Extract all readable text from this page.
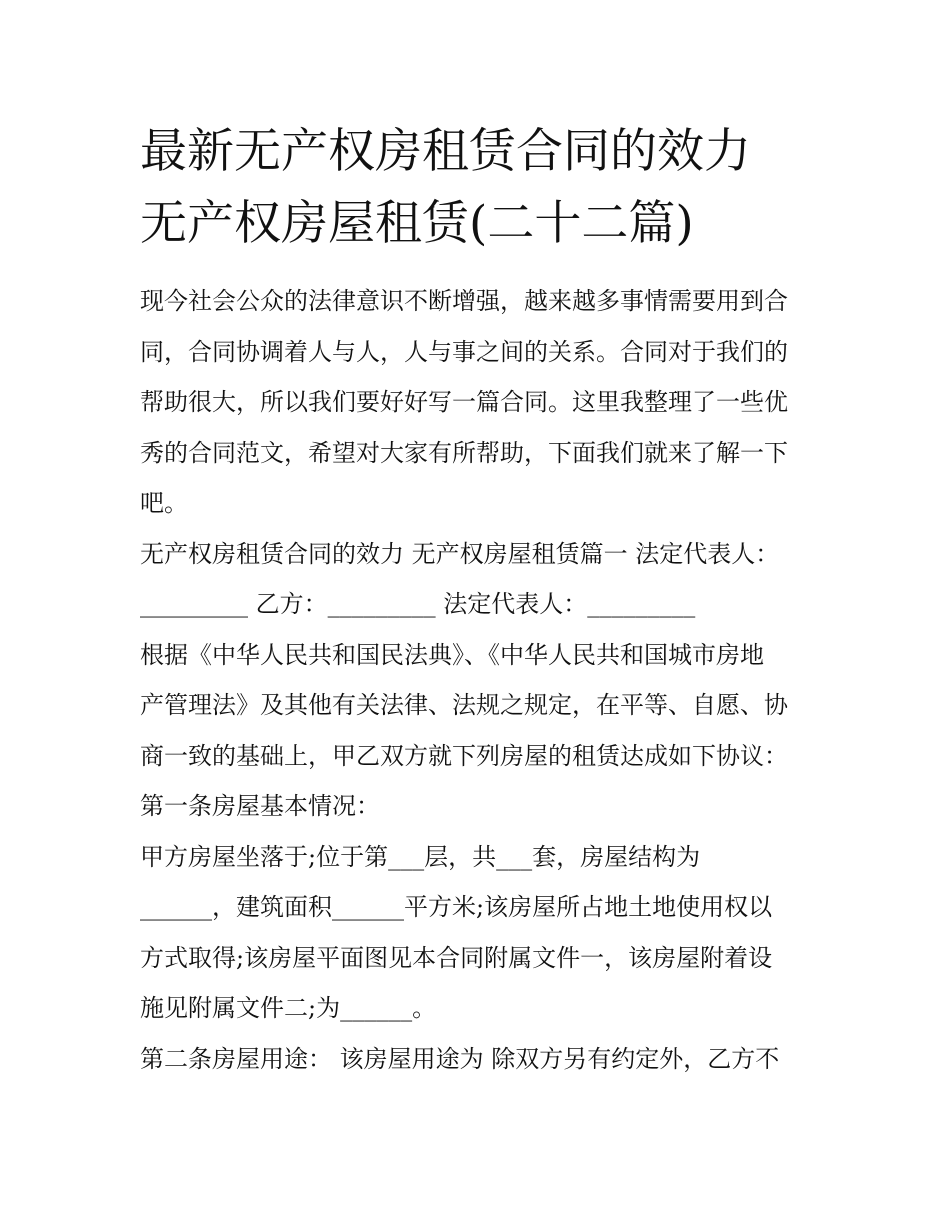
最新无产权房租赁合同的效力
无产权房屋租赁(二十二篇)

现今社会公众的法律意识不断增强，越来越多事情需要用到合
同，合同协调着人与人，人与事之间的关系。合同对于我们的
帮助很大，所以我们要好好写一篇合同。这里我整理了一些优
秀的合同范文，希望对大家有所帮助，下面我们就来了解一下
吧。

无产权房租赁合同的效力 无产权房屋租赁篇一 法定代表人：
_________ 乙方：_________ 法定代表人：_________

根据《中华人民共和国民法典》、《中华人民共和国城市房地
产管理法》及其他有关法律、法规之规定，在平等、自愿、协
商一致的基础上，甲乙双方就下列房屋的租赁达成如下协议：

第一条房屋基本情况：

甲方房屋坐落于;位于第___层，共___套，房屋结构为
______，建筑面积______平方米;该房屋所占地土地使用权以
方式取得;该房屋平面图见本合同附属文件一，该房屋附着设
施见附属文件二;为______。

第二条房屋用途： 该房屋用途为 除双方另有约定外，乙方不
